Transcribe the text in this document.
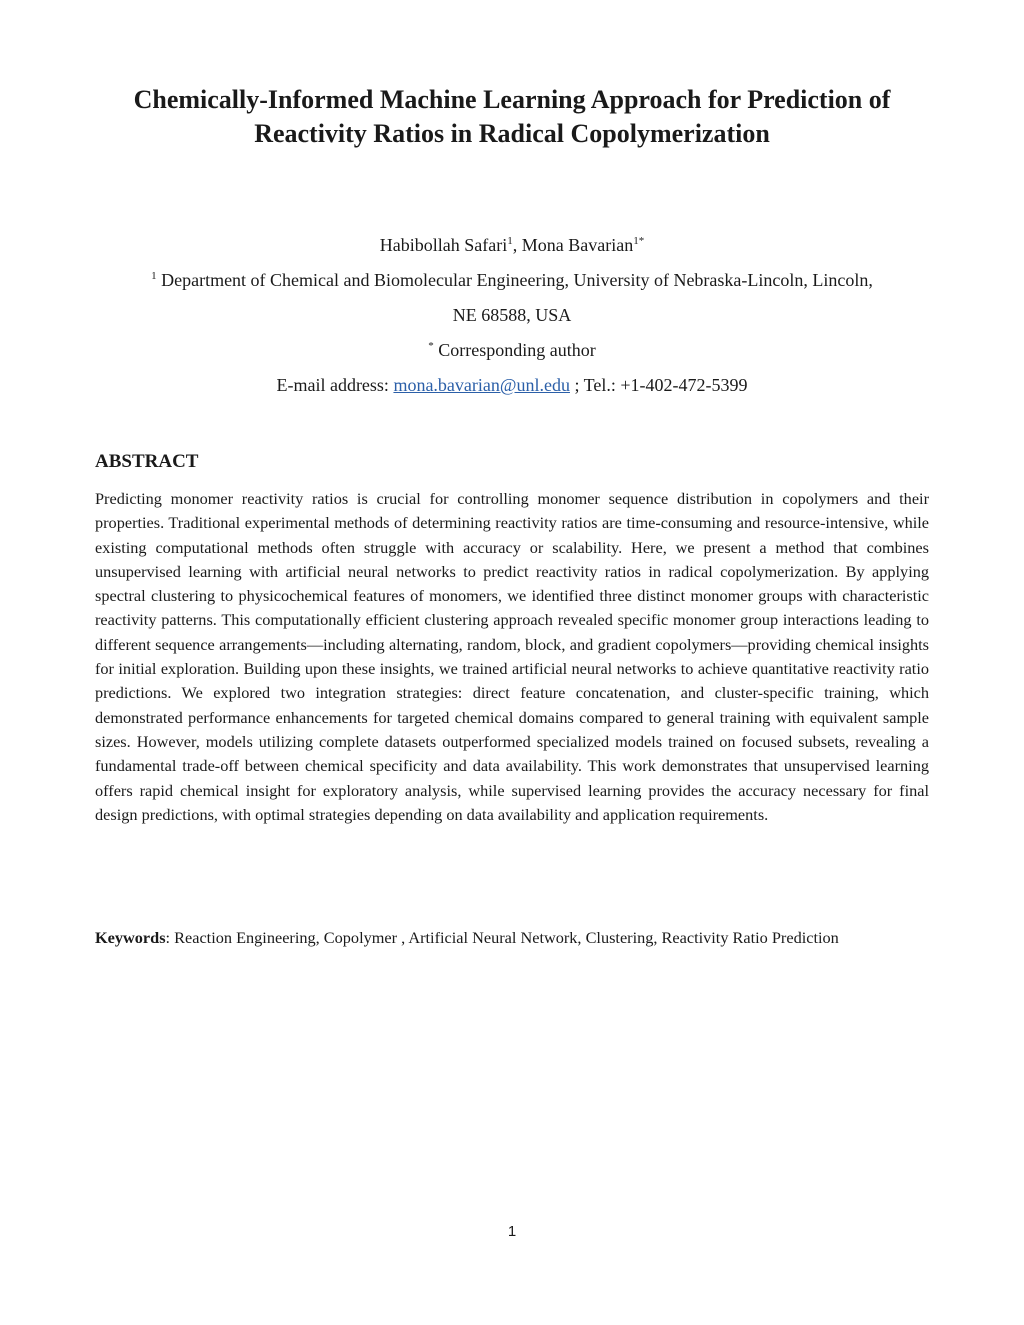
Chemically-Informed Machine Learning Approach for Prediction of
Reactivity Ratios in Radical Copolymerization

Habibollah Safari$^1$, Mona Bavarian$^{1*}$

$^1$ Department of Chemical and Biomolecular Engineering, University of Nebraska-Lincoln, Lincoln,

NE 68588, USA

* Corresponding author

E-mail address: mona.bavarian@unl.edu ; Tel.: +1-402-472-5399

ABSTRACT

Predicting monomer reactivity ratios is crucial for controlling monomer sequence distribution in copolymers and their properties. Traditional experimental methods of determining reactivity ratios are time-consuming and resource-intensive, while existing computational methods often struggle with accuracy or scalability. Here, we present a method that combines unsupervised learning with artificial neural networks to predict reactivity ratios in radical copolymerization. By applying spectral clustering to physicochemical features of monomers, we identified three distinct monomer groups with characteristic reactivity patterns. This computationally efficient clustering approach revealed specific monomer group interactions leading to different sequence arrangements—including alternating, random, block, and gradient copolymers—providing chemical insights for initial exploration. Building upon these insights, we trained artificial neural networks to achieve quantitative reactivity ratio predictions. We explored two integration strategies: direct feature concatenation, and cluster-specific training, which demonstrated performance enhancements for targeted chemical domains compared to general training with equivalent sample sizes. However, models utilizing complete datasets outperformed specialized models trained on focused subsets, revealing a fundamental trade-off between chemical specificity and data availability. This work demonstrates that unsupervised learning offers rapid chemical insight for exploratory analysis, while supervised learning provides the accuracy necessary for final design predictions, with optimal strategies depending on data availability and application requirements.

Keywords: Reaction Engineering, Copolymer , Artificial Neural Network, Clustering, Reactivity Ratio Prediction

1
